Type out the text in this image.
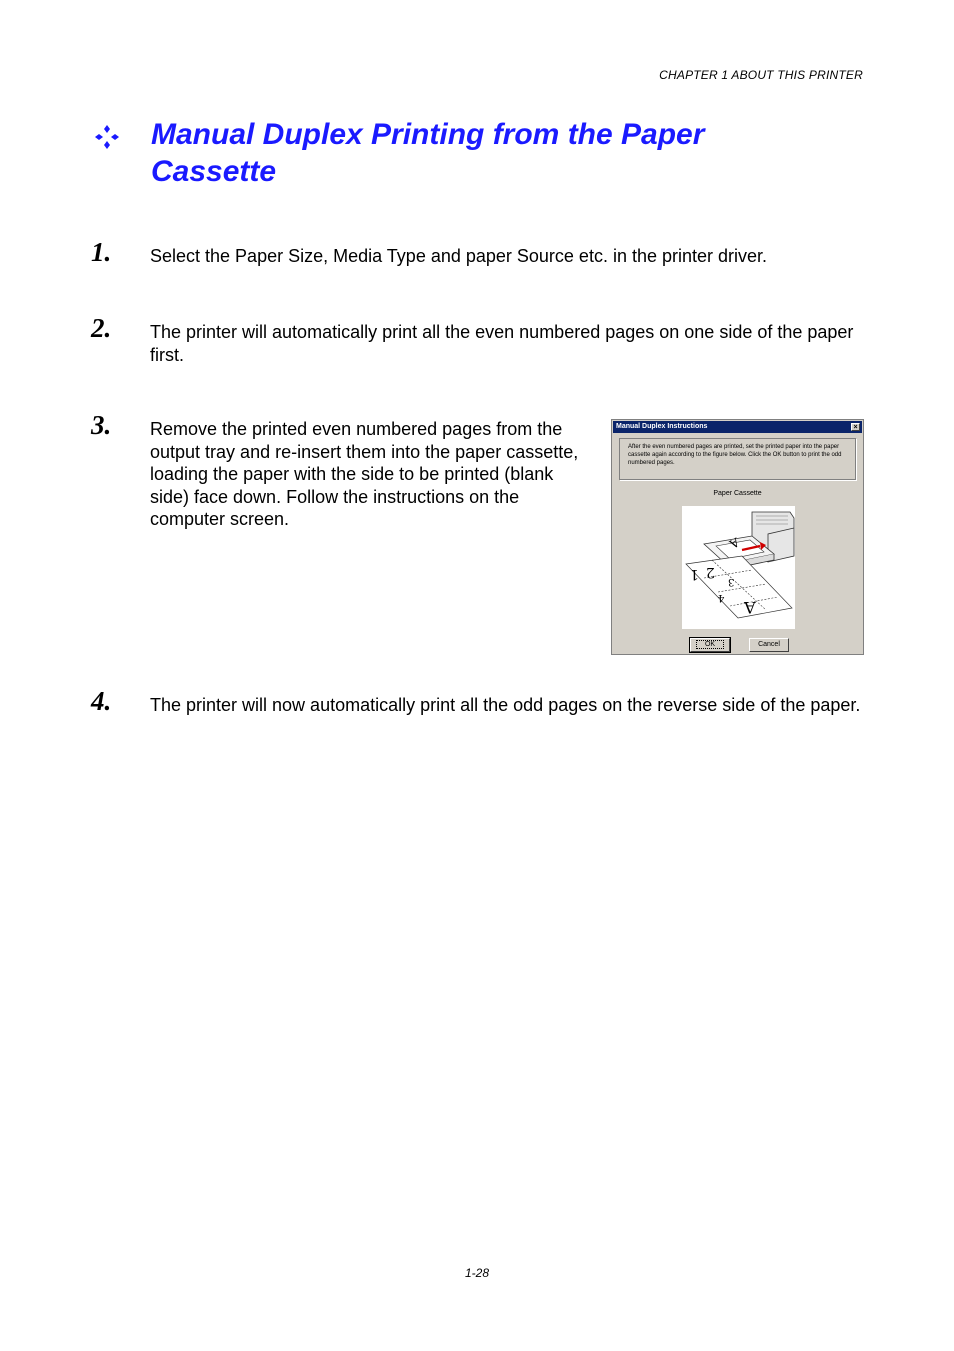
CHAPTER 1 ABOUT THIS PRINTER
Manual Duplex Printing from the Paper Cassette
1. Select the Paper Size, Media Type and paper Source etc. in the printer driver.
2. The printer will automatically print all the even numbered pages on one side of the paper first.
3. Remove the printed even numbered pages from the output tray and re-insert them into the paper cassette, loading the paper with the side to be printed (blank side) face down. Follow the instructions on the computer screen.
Manual Duplex Instructions	×
After the even numbered pages are printed, set the printed paper into the paper cassette again according to the figure below. Click the OK button to print the odd numbered pages.
Paper Cassette
A
1 2
3
4
A
OK	Cancel
4. The printer will now automatically print all the odd pages on the reverse side of the paper.
1-28
